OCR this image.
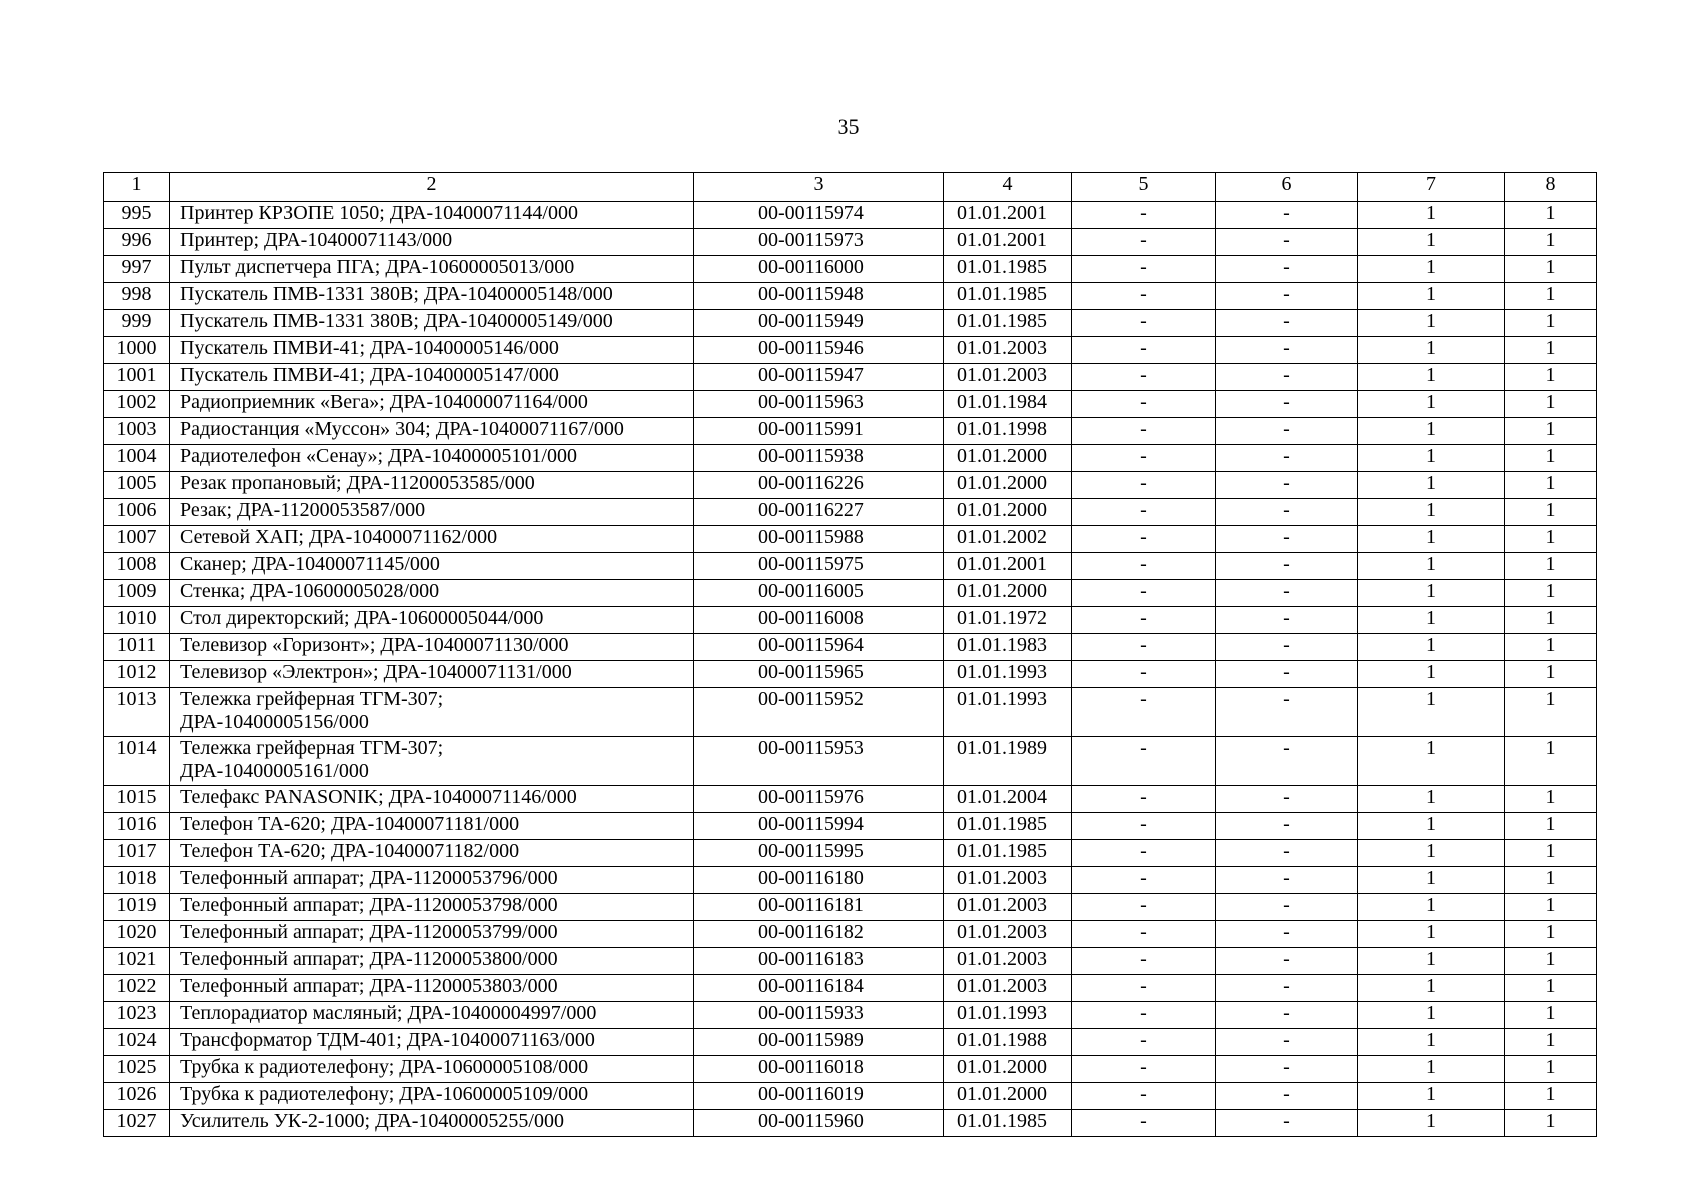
35
1	2	3	4	5	6	7	8
995	Принтер КРЗОПЕ 1050; ДРА-10400071144/000	00-00115974	01.01.2001	-	-	1	1
996	Принтер; ДРА-10400071143/000	00-00115973	01.01.2001	-	-	1	1
997	Пульт диспетчера ПГА; ДРА-10600005013/000	00-00116000	01.01.1985	-	-	1	1
998	Пускатель ПМВ-1331 380В; ДРА-10400005148/000	00-00115948	01.01.1985	-	-	1	1
999	Пускатель ПМВ-1331 380В; ДРА-10400005149/000	00-00115949	01.01.1985	-	-	1	1
1000	Пускатель ПМВИ-41; ДРА-10400005146/000	00-00115946	01.01.2003	-	-	1	1
1001	Пускатель ПМВИ-41; ДРА-10400005147/000	00-00115947	01.01.2003	-	-	1	1
1002	Радиоприемник «Вега»; ДРА-104000071164/000	00-00115963	01.01.1984	-	-	1	1
1003	Радиостанция «Муссон» 304; ДРА-10400071167/000	00-00115991	01.01.1998	-	-	1	1
1004	Радиотелефон «Сенау»; ДРА-10400005101/000	00-00115938	01.01.2000	-	-	1	1
1005	Резак пропановый; ДРА-11200053585/000	00-00116226	01.01.2000	-	-	1	1
1006	Резак; ДРА-11200053587/000	00-00116227	01.01.2000	-	-	1	1
1007	Сетевой ХАП; ДРА-10400071162/000	00-00115988	01.01.2002	-	-	1	1
1008	Сканер; ДРА-10400071145/000	00-00115975	01.01.2001	-	-	1	1
1009	Стенка; ДРА-10600005028/000	00-00116005	01.01.2000	-	-	1	1
1010	Стол директорский; ДРА-10600005044/000	00-00116008	01.01.1972	-	-	1	1
1011	Телевизор «Горизонт»; ДРА-10400071130/000	00-00115964	01.01.1983	-	-	1	1
1012	Телевизор «Электрон»; ДРА-10400071131/000	00-00115965	01.01.1993	-	-	1	1
1013	Тележка грейферная ТГМ-307;
ДРА-10400005156/000	00-00115952	01.01.1993	-	-	1	1
1014	Тележка грейферная ТГМ-307;
ДРА-10400005161/000	00-00115953	01.01.1989	-	-	1	1
1015	Телефакс PANASONIK; ДРА-10400071146/000	00-00115976	01.01.2004	-	-	1	1
1016	Телефон ТА-620; ДРА-10400071181/000	00-00115994	01.01.1985	-	-	1	1
1017	Телефон ТА-620; ДРА-10400071182/000	00-00115995	01.01.1985	-	-	1	1
1018	Телефонный аппарат; ДРА-11200053796/000	00-00116180	01.01.2003	-	-	1	1
1019	Телефонный аппарат; ДРА-11200053798/000	00-00116181	01.01.2003	-	-	1	1
1020	Телефонный аппарат; ДРА-11200053799/000	00-00116182	01.01.2003	-	-	1	1
1021	Телефонный аппарат; ДРА-11200053800/000	00-00116183	01.01.2003	-	-	1	1
1022	Телефонный аппарат; ДРА-11200053803/000	00-00116184	01.01.2003	-	-	1	1
1023	Теплорадиатор масляный; ДРА-10400004997/000	00-00115933	01.01.1993	-	-	1	1
1024	Трансформатор ТДМ-401; ДРА-10400071163/000	00-00115989	01.01.1988	-	-	1	1
1025	Трубка к радиотелефону; ДРА-10600005108/000	00-00116018	01.01.2000	-	-	1	1
1026	Трубка к радиотелефону; ДРА-10600005109/000	00-00116019	01.01.2000	-	-	1	1
1027	Усилитель УК-2-1000; ДРА-10400005255/000	00-00115960	01.01.1985	-	-	1	1
